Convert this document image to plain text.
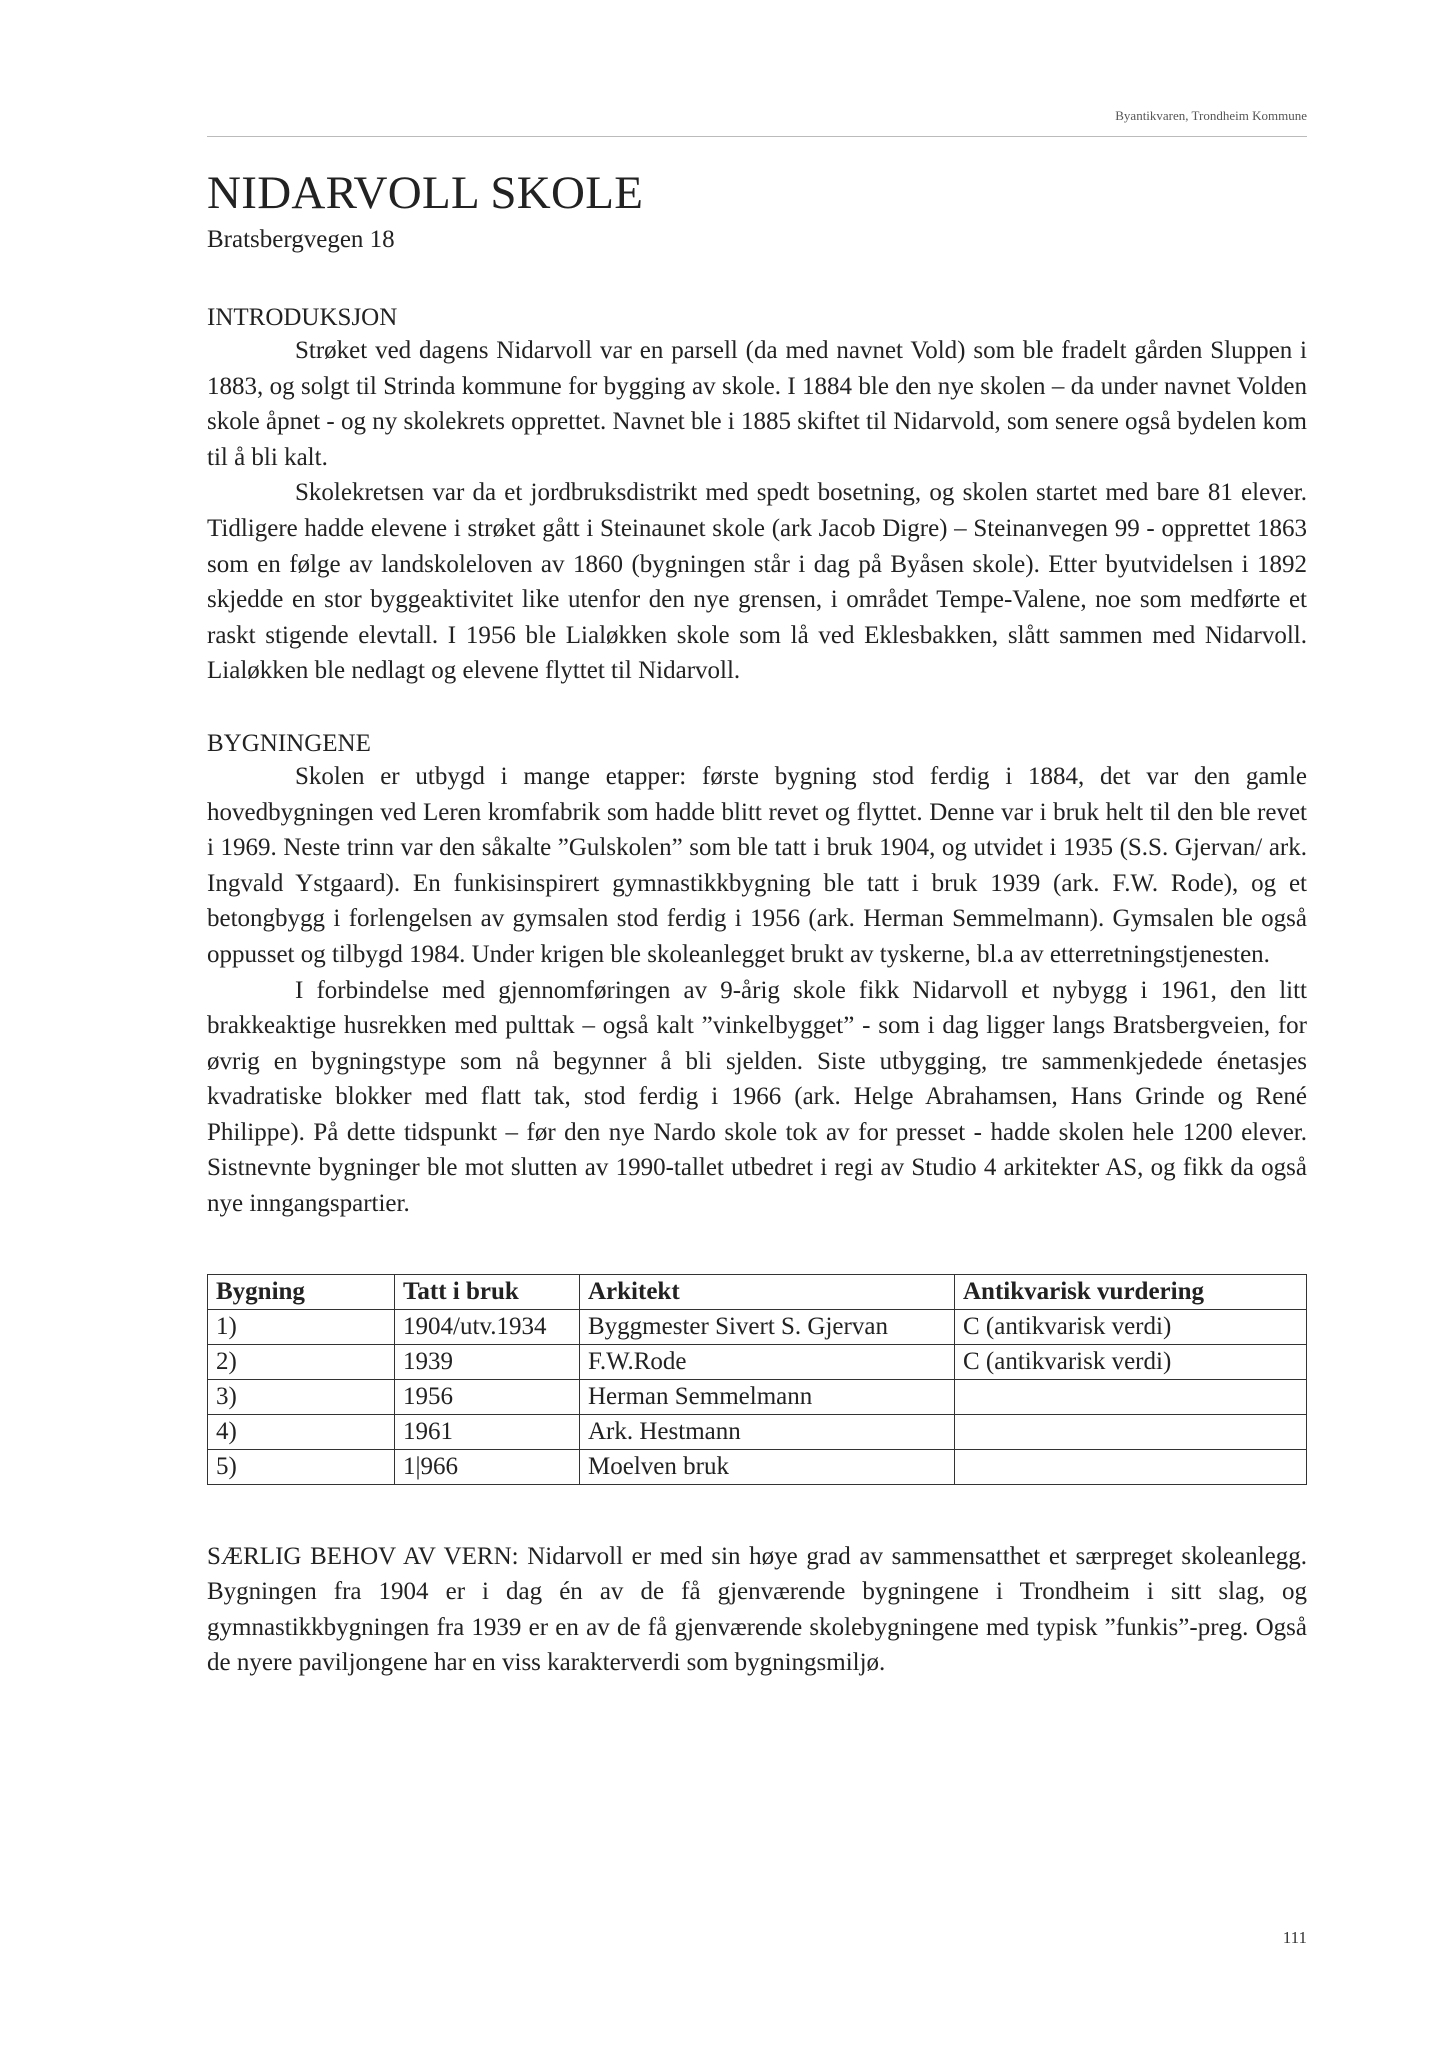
Byantikvaren, Trondheim Kommune
NIDARVOLL SKOLE
Bratsbergvegen 18
INTRODUKSJON

Strøket ved dagens Nidarvoll var en parsell (da med navnet Vold) som ble fradelt gården Sluppen i 1883, og solgt til Strinda kommune for bygging av skole. I 1884 ble den nye skolen – da under navnet Volden skole åpnet - og ny skolekrets opprettet. Navnet ble i 1885 skiftet til Nidarvold, som senere også bydelen kom til å bli kalt.

Skolekretsen var da et jordbruksdistrikt med spedt bosetning, og skolen startet med bare 81 elever. Tidligere hadde elevene i strøket gått i Steinaunet skole (ark Jacob Digre) – Steinanvegen 99 - opprettet 1863 som en følge av landskoleloven av 1860 (bygningen står i dag på Byåsen skole). Etter byutvidelsen i 1892 skjedde en stor byggeaktivitet like utenfor den nye grensen, i området Tempe-Valene, noe som medførte et raskt stigende elevtall. I 1956 ble Lialøkken skole som lå ved Eklesbakken, slått sammen med Nidarvoll. Lialøkken ble nedlagt og elevene flyttet til Nidarvoll.

BYGNINGENE

Skolen er utbygd i mange etapper: første bygning stod ferdig i 1884, det var den gamle hovedbygningen ved Leren kromfabrik som hadde blitt revet og flyttet. Denne var i bruk helt til den ble revet i 1969. Neste trinn var den såkalte ”Gulskolen” som ble tatt i bruk 1904, og utvidet i 1935 (S.S. Gjervan/ ark. Ingvald Ystgaard). En funkisinspirert gymnastikkbygning ble tatt i bruk 1939 (ark. F.W. Rode), og et betongbygg i forlengelsen av gymsalen stod ferdig i 1956 (ark. Herman Semmelmann). Gymsalen ble også oppusset og tilbygd 1984. Under krigen ble skoleanlegget brukt av tyskerne, bl.a av etterretningstjenesten.

I forbindelse med gjennomføringen av 9-årig skole fikk Nidarvoll et nybygg i 1961, den litt brakkeaktige husrekken med pulttak – også kalt ”vinkelbygget” - som i dag ligger langs Bratsbergveien, for øvrig en bygningstype som nå begynner å bli sjelden. Siste utbygging, tre sammenkjedede énetasjes kvadratiske blokker med flatt tak, stod ferdig i 1966 (ark. Helge Abrahamsen, Hans Grinde og René Philippe). På dette tidspunkt – før den nye Nardo skole tok av for presset - hadde skolen hele 1200 elever. Sistnevnte bygninger ble mot slutten av 1990-tallet utbedret i regi av Studio 4 arkitekter AS, og fikk da også nye inngangspartier.

Bygning	Tatt i bruk	Arkitekt	Antikvarisk vurdering
1)	1904/utv.1934	Byggmester Sivert S. Gjervan	C (antikvarisk verdi)
2)	1939	F.W.Rode	C (antikvarisk verdi)
3)	1956	Herman Semmelmann	
4)	1961	Ark. Hestmann	
5)	1|966	Moelven bruk	

SÆRLIG BEHOV AV VERN: Nidarvoll er med sin høye grad av sammensatthet et særpreget skoleanlegg. Bygningen fra 1904 er i dag én av de få gjenværende bygningene i Trondheim i sitt slag, og gymnastikkbygningen fra 1939 er en av de få gjenværende skolebygningene med typisk ”funkis”-preg. Også de nyere paviljongene har en viss karakterverdi som bygningsmiljø.

111
